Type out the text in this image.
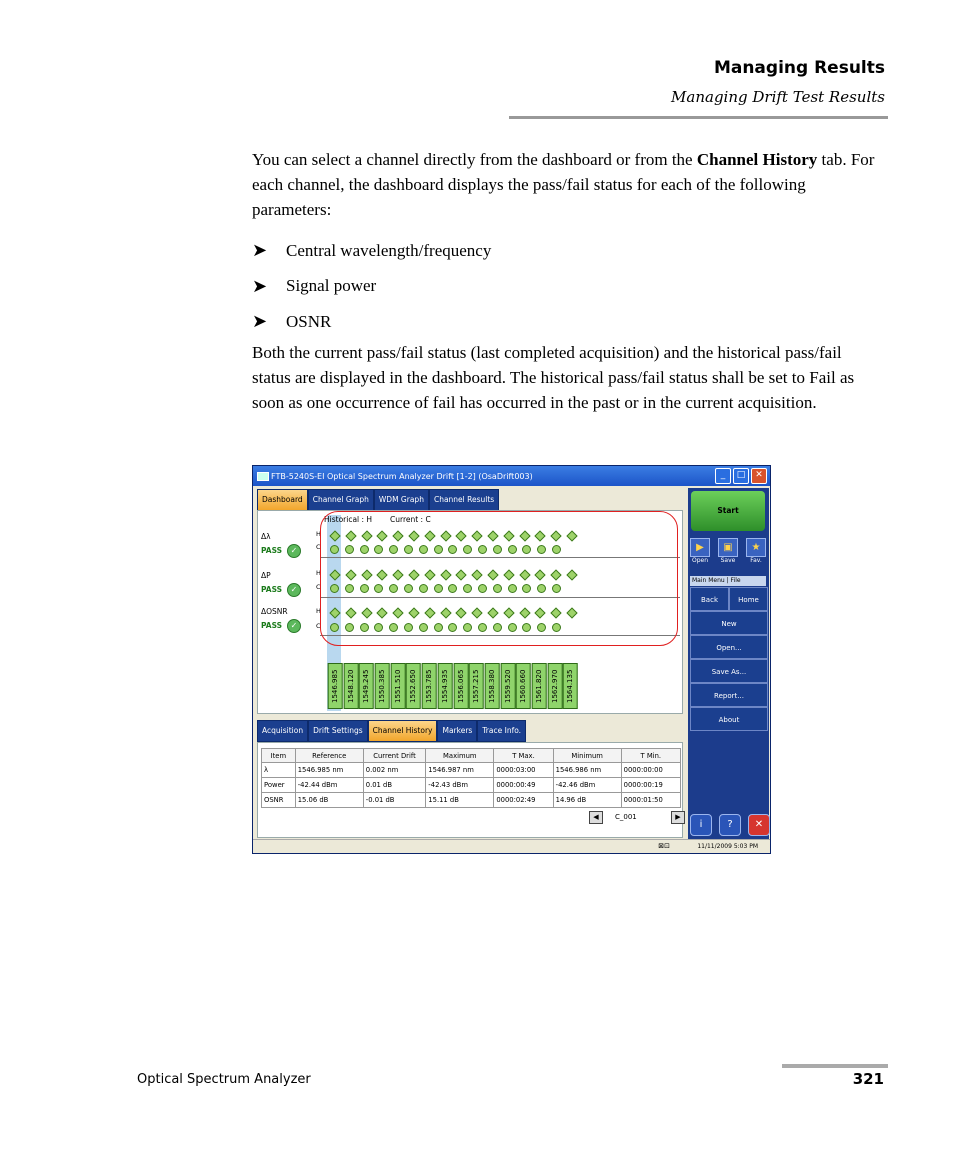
Managing Results
Managing Drift Test Results
You can select a channel directly from the dashboard or from the Channel History tab. For each channel, the dashboard displays the pass/fail status for each of the following parameters:
➤	Central wavelength/frequency
➤	Signal power
➤	OSNR
Both the current pass/fail status (last completed acquisition) and the historical pass/fail status are displayed in the dashboard. The historical pass/fail status shall be set to Fail as soon as one occurrence of fail has occurred in the past or in the current acquisition.
FTB-5240S-EI Optical Spectrum Analyzer Drift [1-2] (OsaDrift003)	_	□	✕
Dashboard	Channel Graph	WDM Graph	Channel Results
Historical : H Current : C
Δλ
PASS	✓
ΔP
PASS	✓
ΔOSNR
PASS	✓
H
C
H
C
H
C
1546.985	1548.120	1549.245	1550.385	1551.510	1552.650	1553.785	1554.935	1556.065	1557.215	1558.380	1559.520	1560.660	1561.820	1562.970	1564.135
Acquisition	Drift Settings	Channel History	Markers	Trace Info.
Item	Reference	Current Drift	Maximum	T Max.	Minimum	T Min.
λ	1546.985 nm	0.002 nm	1546.987 nm	0000:03:00	1546.986 nm	0000:00:00
Power	-42.44 dBm	0.01 dB	-42.43 dBm	0000:00:49	-42.46 dBm	0000:00:19
OSNR	15.06 dB	-0.01 dB	15.11 dB	0000:02:49	14.96 dB	0000:01:50
◀	C_001	▶
Start
▶
Open
▣
Save
★
Fav.
Main Menu | File
Back	Home
New
Open...
Save As...
Report...
About
i	?	✕
⊠⊡	11/11/2009 5:03 PM
Optical Spectrum Analyzer	321
